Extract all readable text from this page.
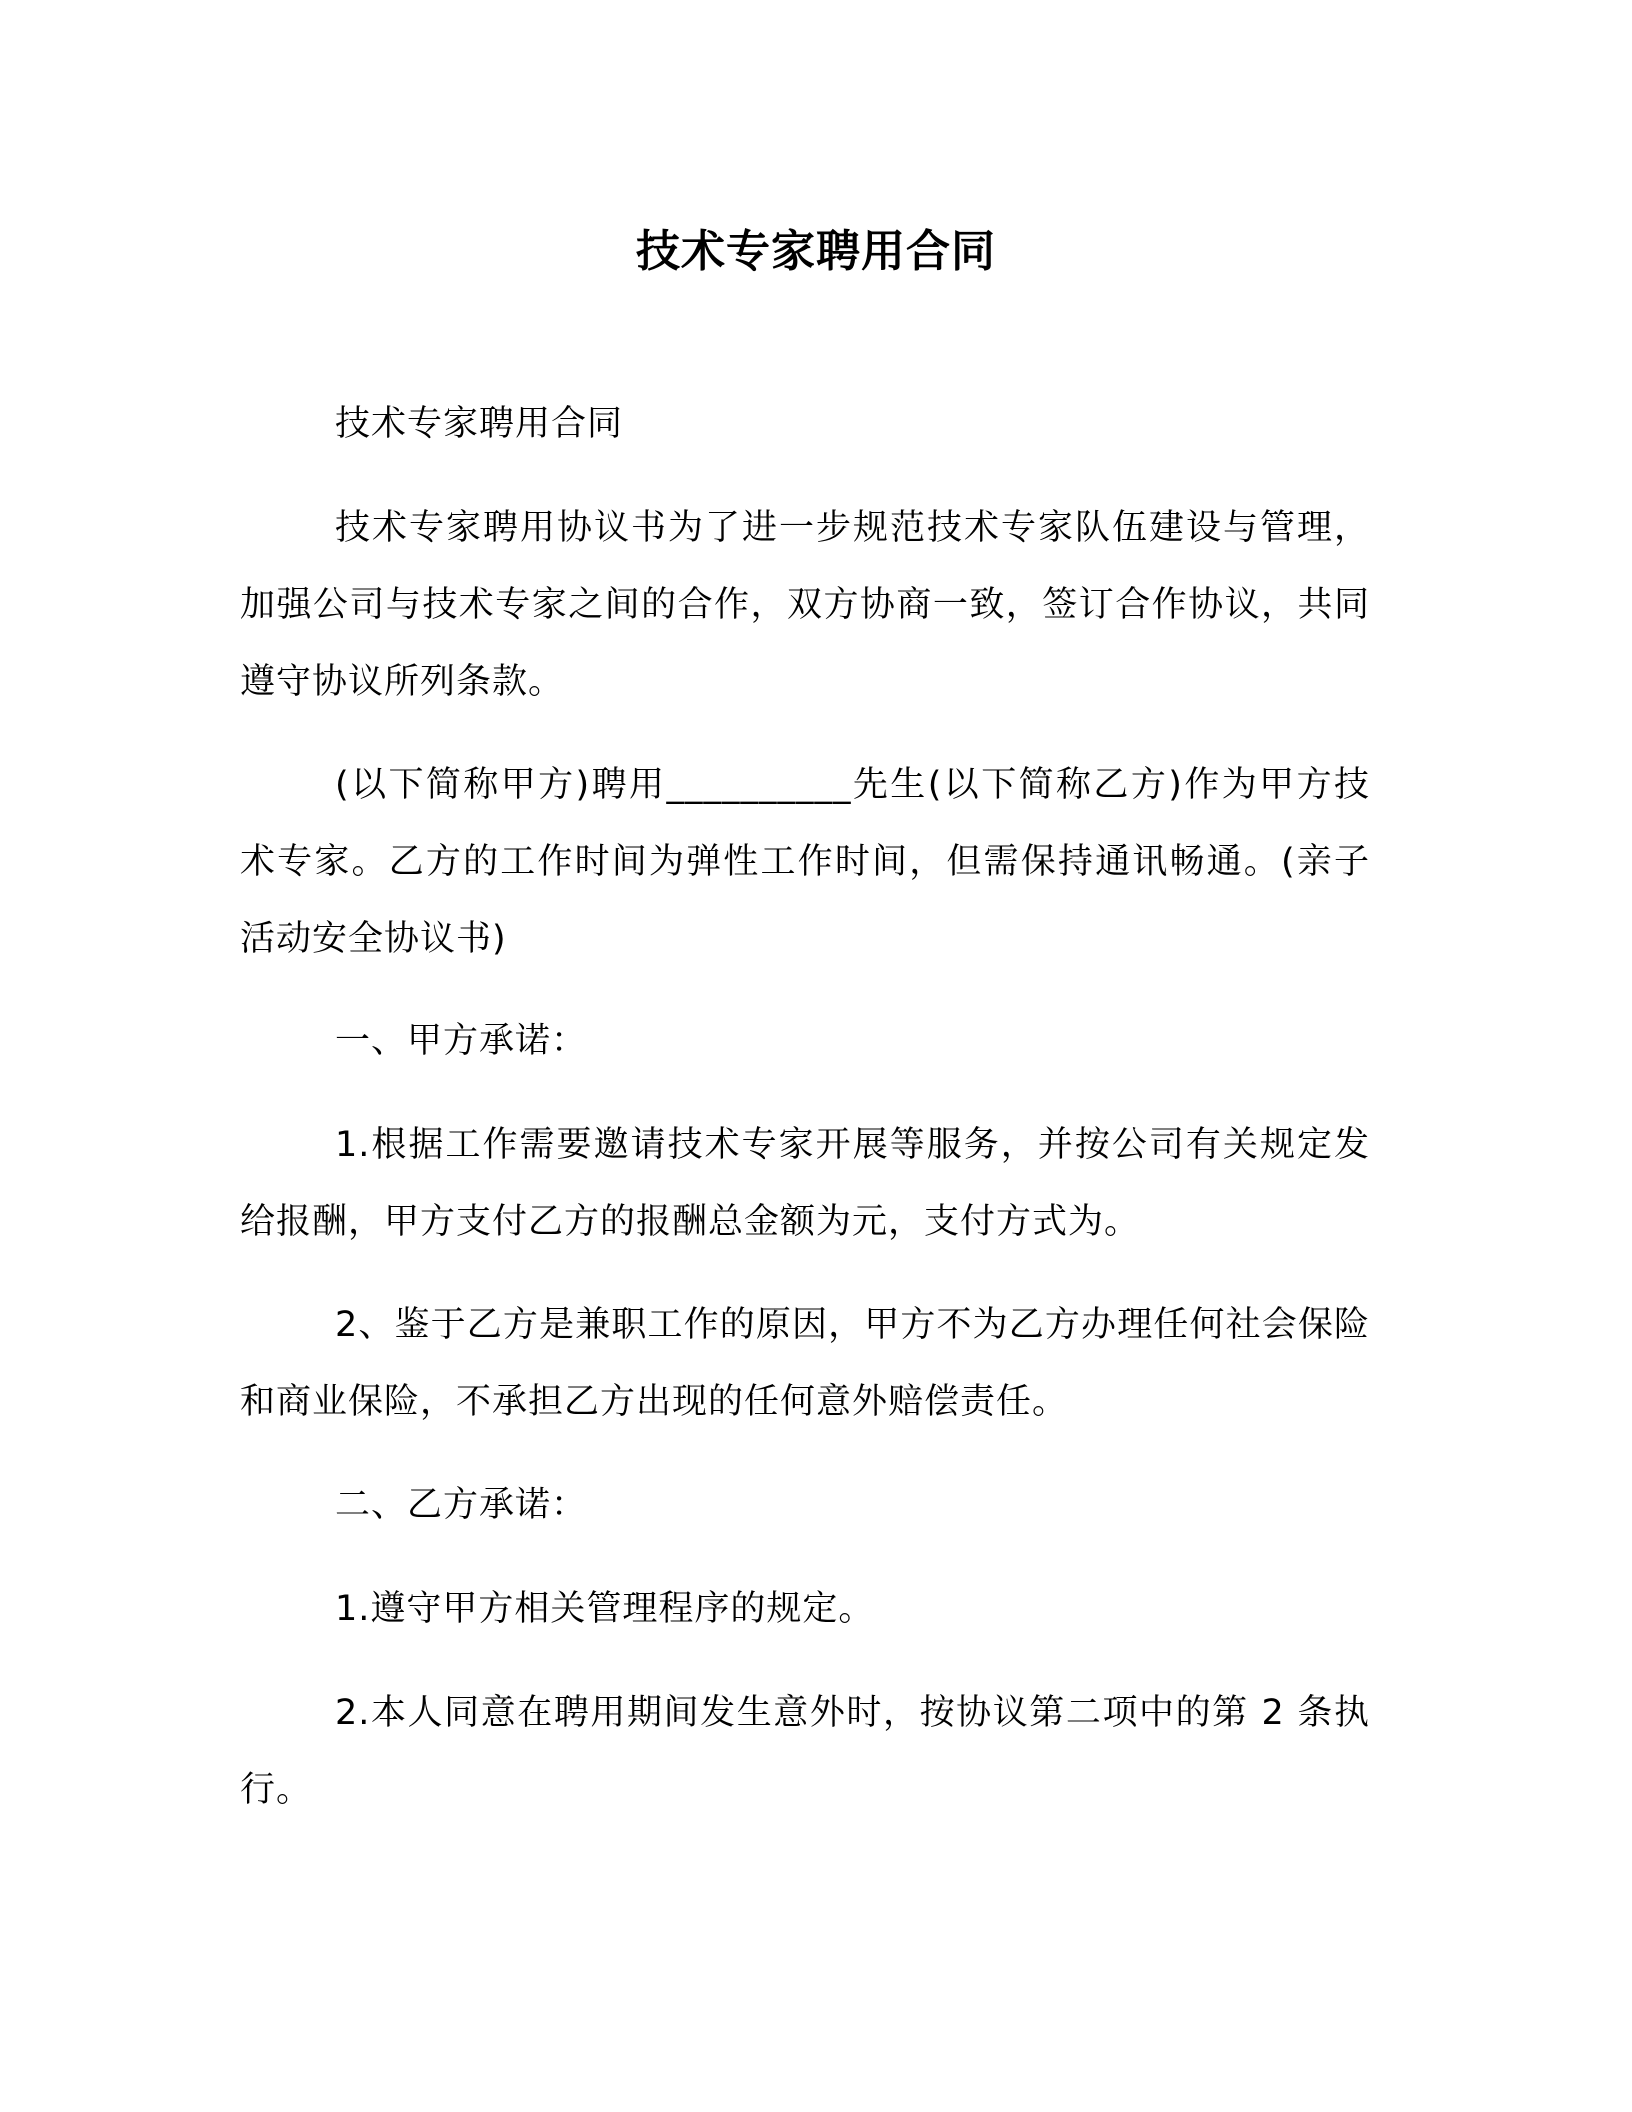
技术专家聘用合同

技术专家聘用合同

技术专家聘用协议书为了进一步规范技术专家队伍建设与管理，加强公司与技术专家之间的合作，双方协商一致，签订合作协议，共同遵守协议所列条款。

(以下简称甲方)聘用__________先生(以下简称乙方)作为甲方技术专家。乙方的工作时间为弹性工作时间，但需保持通讯畅通。(亲子活动安全协议书)

一、甲方承诺：

1.根据工作需要邀请技术专家开展等服务，并按公司有关规定发给报酬，甲方支付乙方的报酬总金额为元，支付方式为。

2、鉴于乙方是兼职工作的原因，甲方不为乙方办理任何社会保险和商业保险，不承担乙方出现的任何意外赔偿责任。

二、乙方承诺：

1.遵守甲方相关管理程序的规定。

2.本人同意在聘用期间发生意外时，按协议第二项中的第 2 条执行。
